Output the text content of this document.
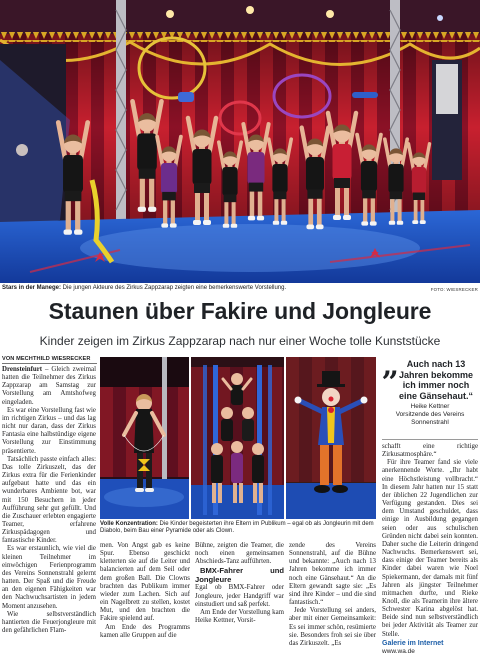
Stars in der Manege: Die jungen Akteure des Zirkus Zappzarap zeigten eine bemerkenswerte Vorstellung.	FOTO: WIESRECKER
Staunen über Fakire und Jongleure
Kinder zeigen im Zirkus Zappzarap nach nur einer Woche tolle Kunststücke
VON MECHTHILD WIESRECKER

Drensteinfurt – Gleich zweimal hatten die Teilnehmer des Zirkus Zappzarap am Samstag zur Vorstellung am Amtshofweg eingeladen.

Es war eine Vorstellung fast wie im richtigen Zirkus – und das lag nicht nur daran, dass der Zirkus Fantasia eine halbstündige eigene Vorstellung zur Einstimmung präsentierte.

Tatsächlich passte einfach alles: Das tolle Zirkuszelt, das der Zirkus extra für die Ferienkinder aufgebaut hatte und das ein wunderbares Ambiente bot, war mit 150 Besuchern in jeder Aufführung sehr gut gefüllt. Und die Zuschauer erlebten engagierte Teamer, erfahrene Zirkuspädagogen und fantastische Kinder.

Es war erstaunlich, wie viel die kleinen Teilnehmer im einwöchigen Ferienprogramm des Vereins Sonnenstrahl gelernt hatten. Der Spaß und die Freude an den eigenen Fähigkeiten war den Nachwuchsartisten in jedem Moment anzusehen.

Wie selbstverständlich hantierten die Feuerjongleure mit den gefährlichen Flam-

Volle Konzentration: Die Kinder begeisterten ihre Eltern im Publikum – egal ob als Jongleurin mit dem Diabolo, beim Bau einer Pyramide oder als Clown.

men. Von Angst gab es keine Spur. Ebenso geschickt kletterten sie auf die Leiter und balancierten auf dem Seil oder dem großen Ball. Die Clowns brachten das Publikum immer wieder zum Lachen. Sich auf ein Nagelbrett zu stellen, kostet Mut, und den brachten die Fakire spielend auf.

Am Ende des Programms kamen alle Gruppen auf die

Bühne, zeigten die Teamer, die noch einen gemeinsamen Abschieds-Tanz aufführten.

BMX-Fahrer und Jongleure

Egal ob BMX-Fahrer oder Jongleure, jeder Handgriff war einstudiert und saß perfekt.

Am Ende der Vorstellung kam Heike Kettner, Vorsit-

zende des Vereins Sonnenstrahl, auf die Bühne und bekannte: „Auch nach 13 Jahren bekomme ich immer noch eine Gänsehaut.“ An die Eltern gewandt sagte sie: „Es sind ihre Kinder – und die sind fantastisch.“

Jede Vorstellung sei anders, aber mit einer Gemeinsamkeit: Es sei immer schön, resümierte sie. Besonders froh sei sie über das Zirkuszelt. „Es

„ Auch nach 13 Jahren bekomme ich immer noch eine Gänsehaut.“
Heike Kettner
Vorsitzende des Vereins Sonnenstrahl

schafft eine richtige Zirkusatmosphäre.“

Für ihre Teamer fand sie viele anerkennende Worte. „Ihr habt eine Höchstleistung vollbracht.“ In diesem Jahr hatten nur 15 statt der üblichen 22 Jugendlichen zur Verfügung gestanden. Dies sei dem Umstand geschuldet, dass einige in Ausbildung gegangen seien oder aus schulischen Gründen nicht dabei sein konnten. Daher suche die Leiterin dringend Nachwuchs. Bemerkenswert sei, dass einige der Teamer bereits als Kinder dabei waren wie Noel Spiekermann, der damals mit fünf Jahren als jüngster Teilnehmer mitmachen durfte, und Rieke Knoll, die als Teamerin ihre ältere Schwester Karina abgelöst hat. Beide sind nun selbstverständlich bei jeder Aktivität als Teamer zur Stelle.

Galerie im Internet
www.wa.de
